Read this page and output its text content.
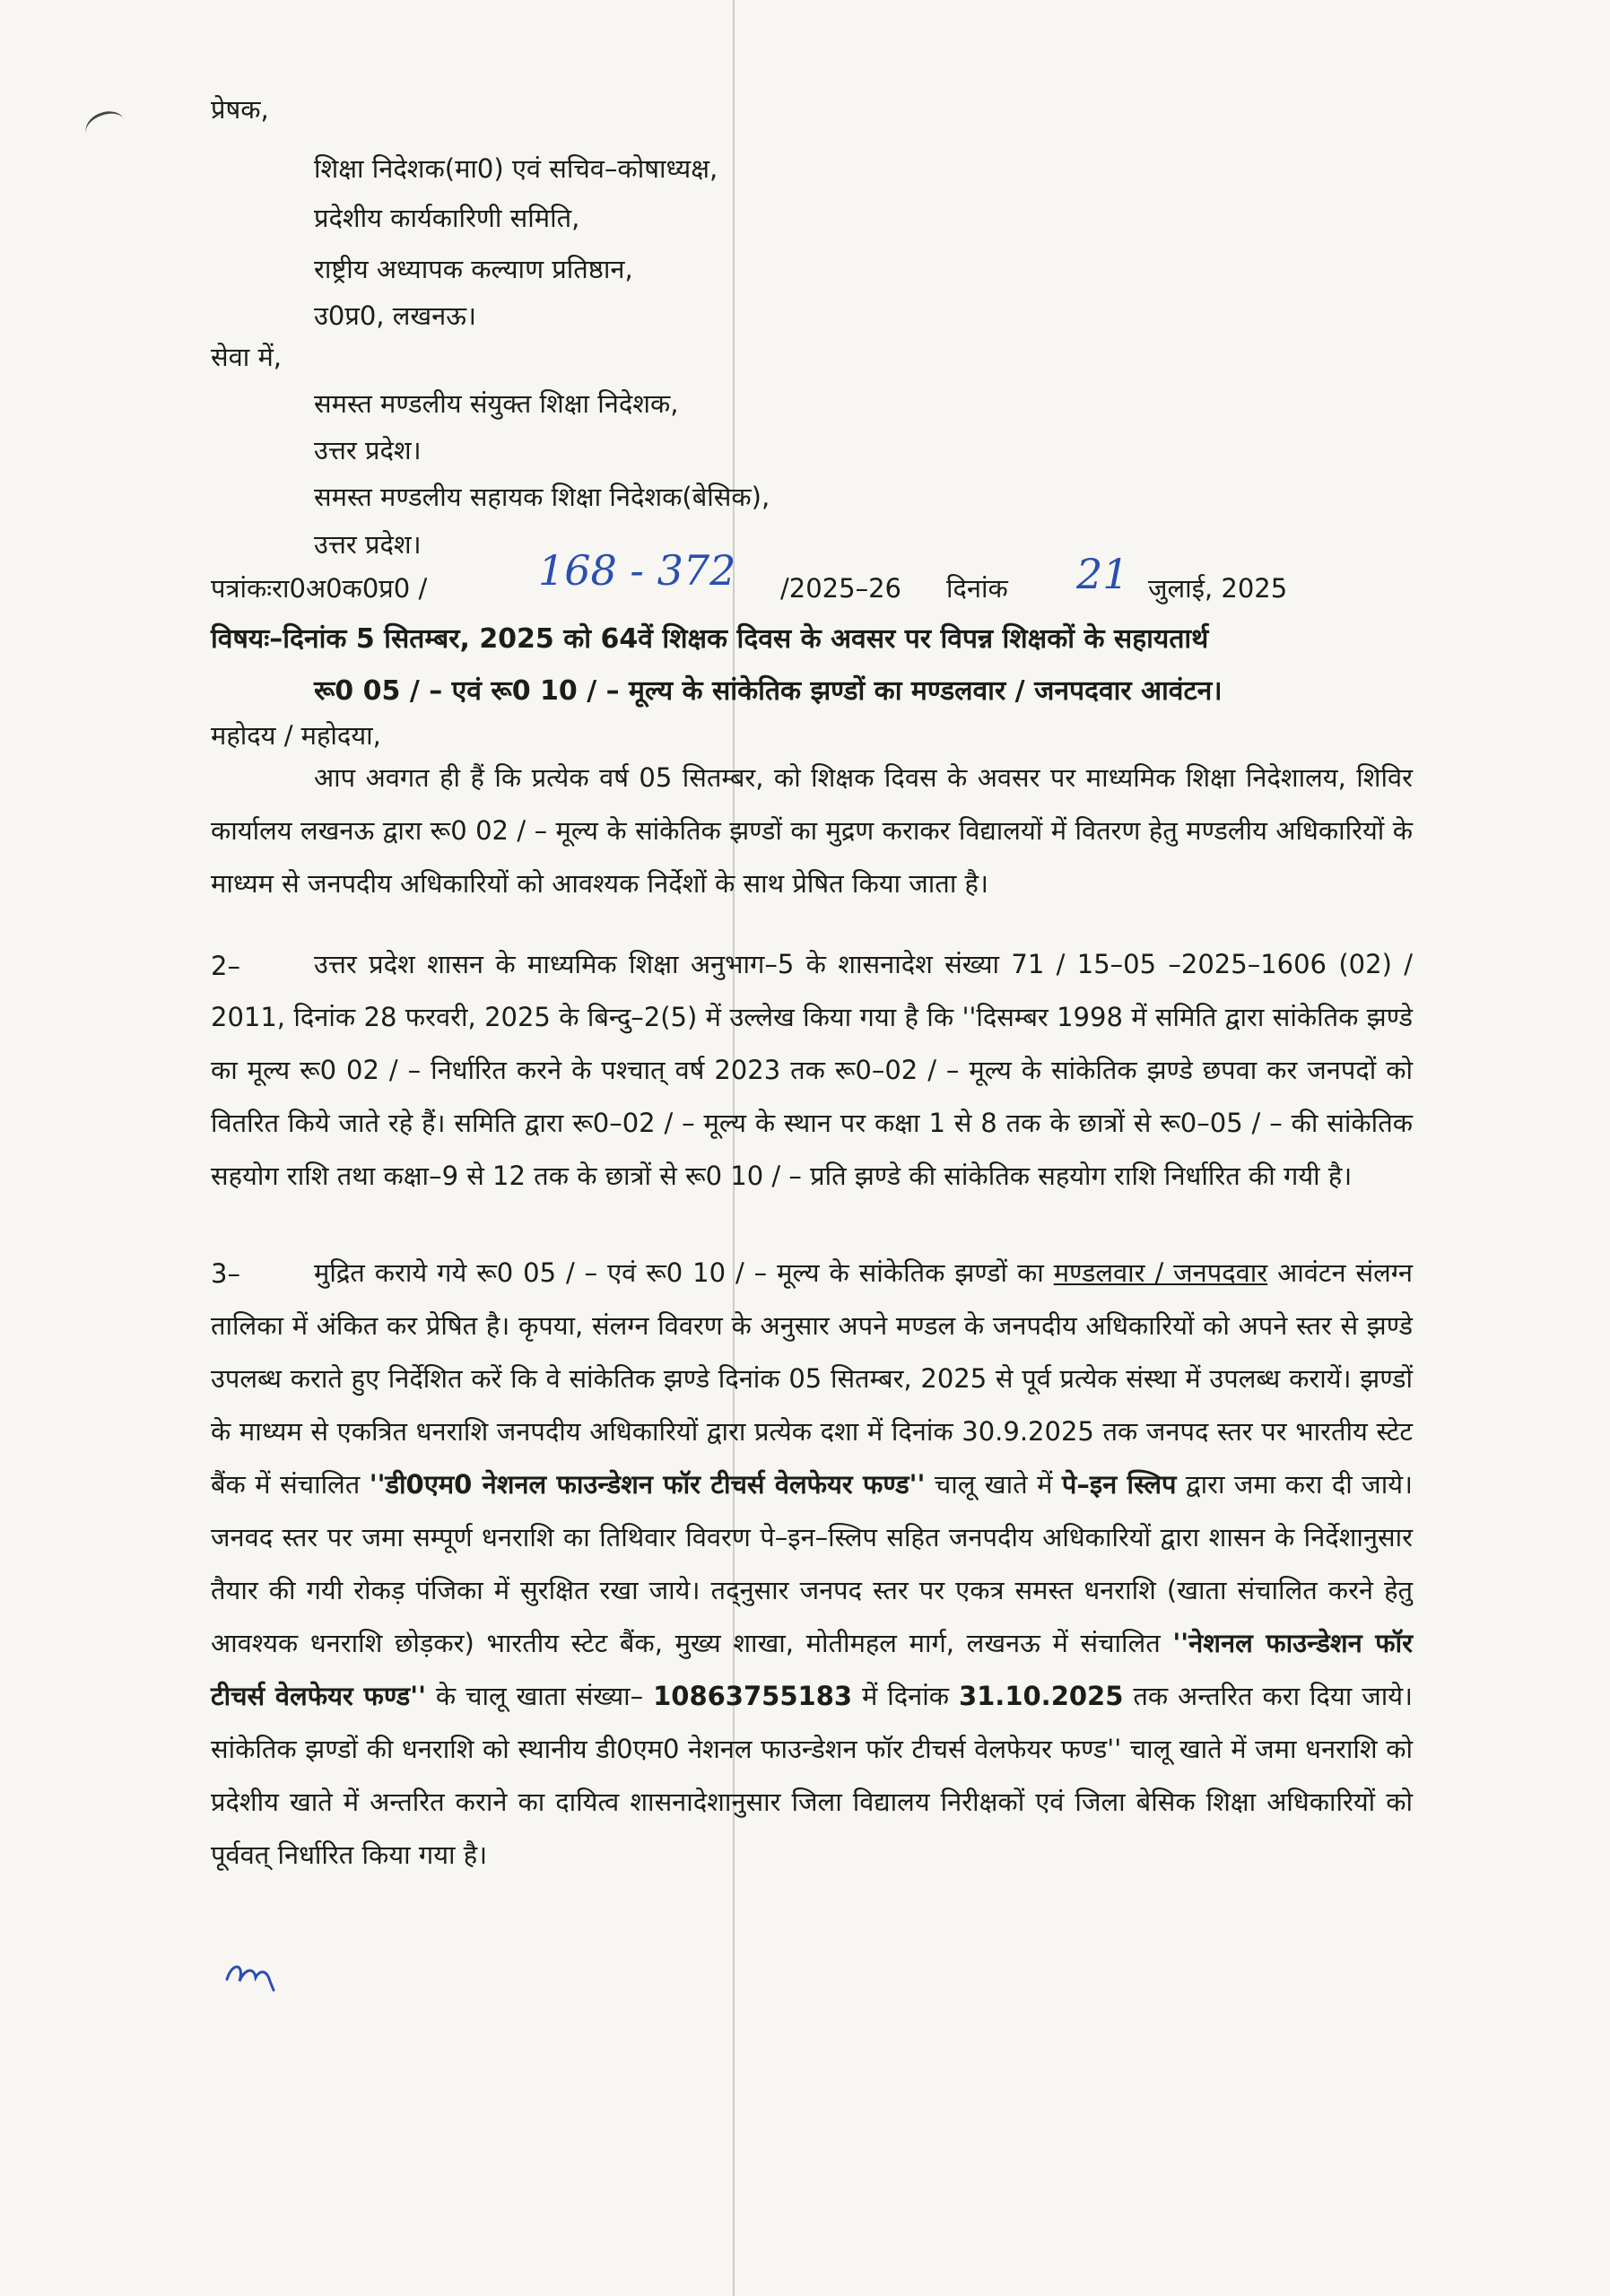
प्रेषक,
शिक्षा निदेशक(मा0) एवं सचिव–कोषाध्यक्ष,
प्रदेशीय कार्यकारिणी समिति,
राष्ट्रीय अध्यापक कल्याण प्रतिष्ठान,
उ0प्र0, लखनऊ।
सेवा में,
समस्त मण्डलीय संयुक्त शिक्षा निदेशक,
उत्तर प्रदेश।
समस्त मण्डलीय सहायक शिक्षा निदेशक(बेसिक),
उत्तर प्रदेश।
पत्रांकःरा0अ0क0प्र0 /	168 - 372 /2025–26 दिनांक 21 जुलाई, 2025
विषयः–दिनांक 5 सितम्बर, 2025 को 64वें शिक्षक दिवस के अवसर पर विपन्न शिक्षकों के सहायतार्थ
रू0 05 / – एवं रू0 10 / – मूल्य के सांकेतिक झण्डों का मण्डलवार / जनपदवार आवंटन।
महोदय / महोदया,
आप अवगत ही हैं कि प्रत्येक वर्ष 05 सितम्बर, को शिक्षक दिवस के अवसर पर माध्यमिक शिक्षा निदेशालय, शिविर कार्यालय लखनऊ द्वारा रू0 02 / – मूल्य के सांकेतिक झण्डों का मुद्रण कराकर विद्यालयों में वितरण हेतु मण्डलीय अधिकारियों के माध्यम से जनपदीय अधिकारियों को आवश्यक निर्देशों के साथ प्रेषित किया जाता है।
2–	उत्तर प्रदेश शासन के माध्यमिक शिक्षा अनुभाग–5 के शासनादेश संख्या 71 / 15–05 –2025–1606 (02) / 2011, दिनांक 28 फरवरी, 2025 के बिन्दु–2(5) में उल्लेख किया गया है कि ''दिसम्बर 1998 में समिति द्वारा सांकेतिक झण्डे का मूल्य रू0 02 / – निर्धारित करने के पश्चात् वर्ष 2023 तक रू0–02 / – मूल्य के सांकेतिक झण्डे छपवा कर जनपदों को वितरित किये जाते रहे हैं। समिति द्वारा रू0–02 / – मूल्य के स्थान पर कक्षा 1 से 8 तक के छात्रों से रू0–05 / – की सांकेतिक सहयोग राशि तथा कक्षा–9 से 12 तक के छात्रों से रू0 10 / – प्रति झण्डे की सांकेतिक सहयोग राशि निर्धारित की गयी है।
3–	मुद्रित कराये गये रू0 05 / – एवं रू0 10 / – मूल्य के सांकेतिक झण्डों का मण्डलवार / जनपदवार आवंटन संलग्न तालिका में अंकित कर प्रेषित है। कृपया, संलग्न विवरण के अनुसार अपने मण्डल के जनपदीय अधिकारियों को अपने स्तर से झण्डे उपलब्ध कराते हुए निर्देशित करें कि वे सांकेतिक झण्डे दिनांक 05 सितम्बर, 2025 से पूर्व प्रत्येक संस्था में उपलब्ध करायें। झण्डों के माध्यम से एकत्रित धनराशि जनपदीय अधिकारियों द्वारा प्रत्येक दशा में दिनांक 30.9.2025 तक जनपद स्तर पर भारतीय स्टेट बैंक में संचालित ''डी0एम0 नेशनल फाउन्डेशन फॉर टीचर्स वेलफेयर फण्ड'' चालू खाते में पे–इन स्लिप द्वारा जमा करा दी जाये। जनवद स्तर पर जमा सम्पूर्ण धनराशि का तिथिवार विवरण पे–इन–स्लिप सहित जनपदीय अधिकारियों द्वारा शासन के निर्देशानुसार तैयार की गयी रोकड़ पंजिका में सुरक्षित रखा जाये। तद्नुसार जनपद स्तर पर एकत्र समस्त धनराशि (खाता संचालित करने हेतु आवश्यक धनराशि छोड़कर) भारतीय स्टेट बैंक, मुख्य शाखा, मोतीमहल मार्ग, लखनऊ में संचालित ''नेशनल फाउन्डेशन फॉर टीचर्स वेलफेयर फण्ड'' के चालू खाता संख्या– 10863755183 में दिनांक 31.10.2025 तक अन्तरित करा दिया जाये। सांकेतिक झण्डों की धनराशि को स्थानीय डी0एम0 नेशनल फाउन्डेशन फॉर टीचर्स वेलफेयर फण्ड'' चालू खाते में जमा धनराशि को प्रदेशीय खाते में अन्तरित कराने का दायित्व शासनादेशानुसार जिला विद्यालय निरीक्षकों एवं जिला बेसिक शिक्षा अधिकारियों को पूर्ववत् निर्धारित किया गया है।
